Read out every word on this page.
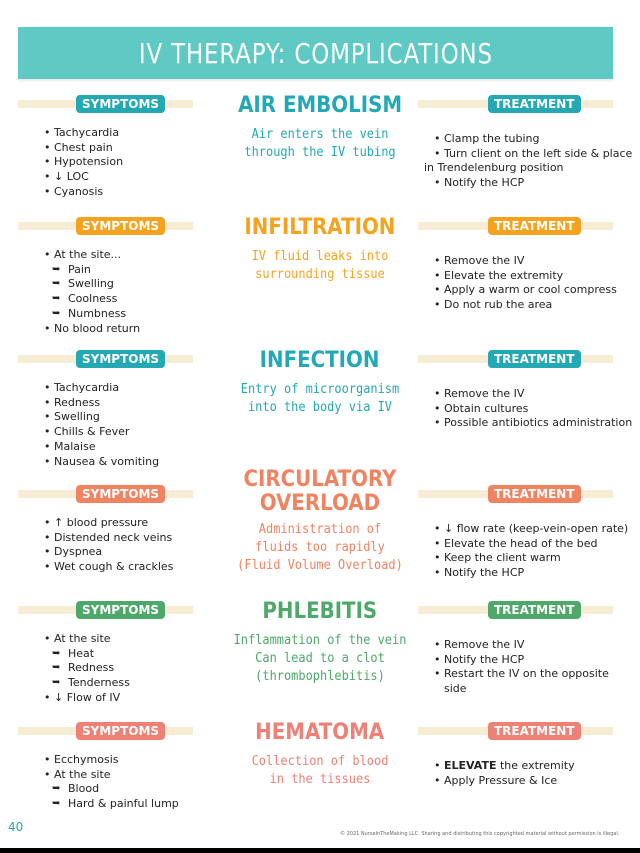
IV THERAPY: COMPLICATIONS
SYMPTOMS	TREATMENT
• Tachycardia
• Chest pain
• Hypotension
• ↓ LOC
• Cyanosis
AIR EMBOLISM
Air enters the vein
through the IV tubing
• Clamp the tubing
• Turn client on the left side & place
in Trendelenburg position
• Notify the HCP
SYMPTOMS	TREATMENT
• At the site...
➥ Pain
➥ Swelling
➥ Coolness
➥ Numbness
• No blood return
INFILTRATION
IV fluid leaks into
surrounding tissue
• Remove the IV
• Elevate the extremity
• Apply a warm or cool compress
• Do not rub the area
SYMPTOMS	TREATMENT
• Tachycardia
• Redness
• Swelling
• Chills & Fever
• Malaise
• Nausea & vomiting
INFECTION
Entry of microorganism
into the body via IV
• Remove the IV
• Obtain cultures
• Possible antibiotics administration
SYMPTOMS	TREATMENT
• ↑ blood pressure
• Distended neck veins
• Dyspnea
• Wet cough & crackles
CIRCULATORY
OVERLOAD
Administration of
fluids too rapidly
(Fluid Volume Overload)
• ↓ flow rate (keep-vein-open rate)
• Elevate the head of the bed
• Keep the client warm
• Notify the HCP
SYMPTOMS	TREATMENT
• At the site
➥ Heat
➥ Redness
➥ Tenderness
• ↓ Flow of IV
PHLEBITIS
Inflammation of the vein
Can lead to a clot
(thrombophlebitis)
• Remove the IV
• Notify the HCP
• Restart the IV on the opposite side
SYMPTOMS	TREATMENT
• Ecchymosis
• At the site
➥ Blood
➥ Hard & painful lump
HEMATOMA
Collection of blood
in the tissues
• ELEVATE the extremity
• Apply Pressure & Ice
40	© 2021 NurseInTheMaking LLC. Sharing and distributing this copyrighted material without permission is illegal.
